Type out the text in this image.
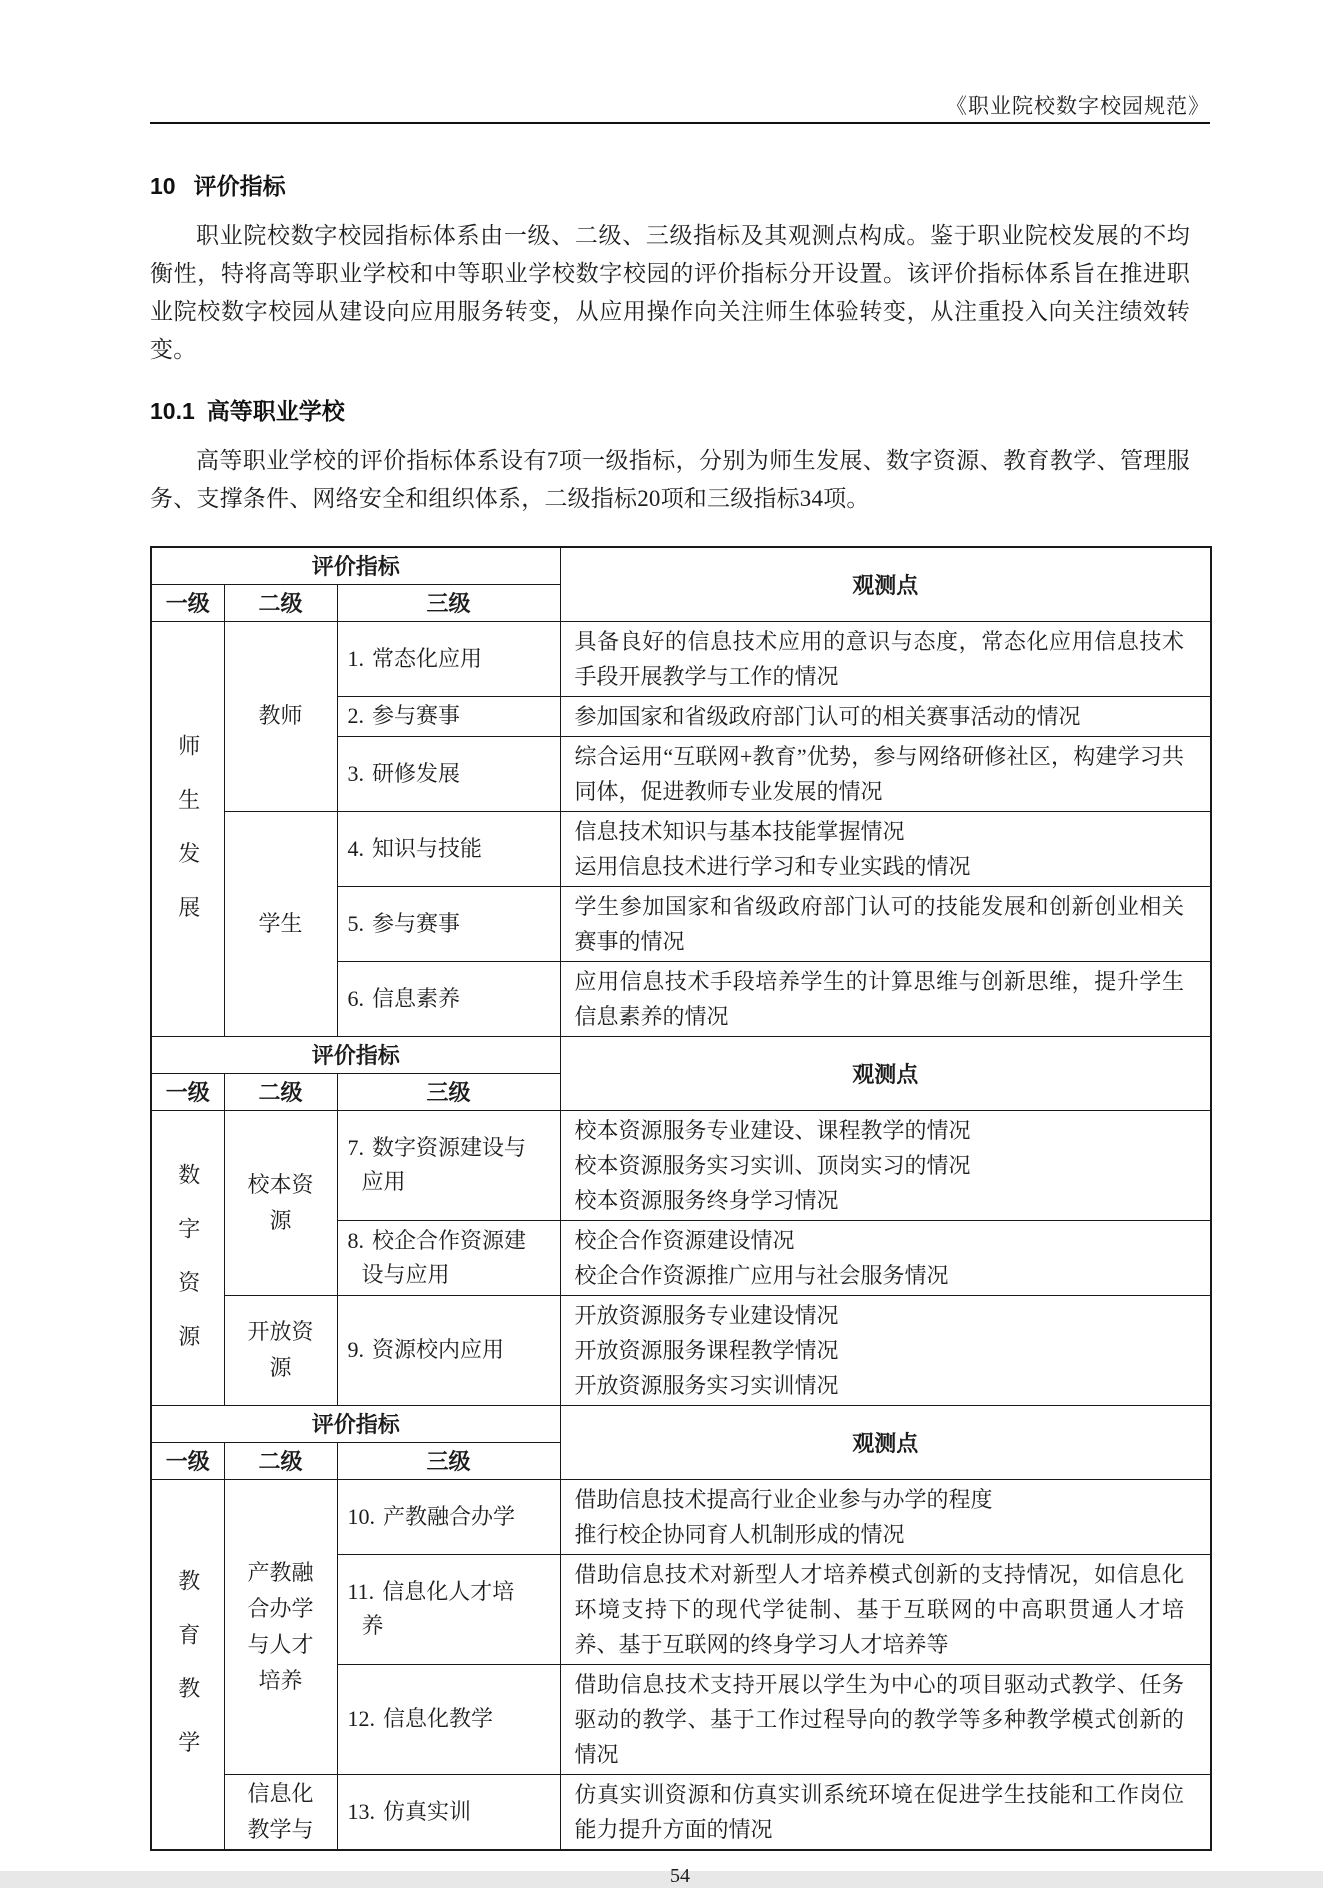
《职业院校数字校园规范》
10 评价指标

职业院校数字校园指标体系由一级、二级、三级指标及其观测点构成。鉴于职业院校发展的不均衡性，特将高等职业学校和中等职业学校数字校园的评价指标分开设置。该评价指标体系旨在推进职业院校数字校园从建设向应用服务转变，从应用操作向关注师生体验转变，从注重投入向关注绩效转变。

10.1 高等职业学校

高等职业学校的评价指标体系设有7项一级指标，分别为师生发展、数字资源、教育教学、管理服务、支撑条件、网络安全和组织体系，二级指标20项和三级指标34项。

评价指标			观测点
一级	二级	三级	
师生发展	教师	1. 常态化应用	具备良好的信息技术应用的意识与态度，常态化应用信息技术手段开展教学与工作的情况

		2. 参与赛事	参加国家和省级政府部门认可的相关赛事活动的情况

		3. 研修发展	综合运用“互联网+教育”优势，参与网络研修社区，构建学习共同体，促进教师专业发展的情况

	学生	4. 知识与技能	信息技术知识与基本技能掌握情况
运用信息技术进行学习和专业实践的情况

		5. 参与赛事	学生参加国家和省级政府部门认可的技能发展和创新创业相关赛事的情况

		6. 信息素养	应用信息技术手段培养学生的计算思维与创新思维，提升学生信息素养的情况

评价指标			观测点
一级	二级	三级	
数字资源	校本资源	7. 数字资源建设与应用	校本资源服务专业建设、课程教学的情况
校本资源服务实习实训、顶岗实习的情况
校本资源服务终身学习情况

		8. 校企合作资源建设与应用	校企合作资源建设情况
校企合作资源推广应用与社会服务情况

	开放资源	9. 资源校内应用	开放资源服务专业建设情况
开放资源服务课程教学情况
开放资源服务实习实训情况

评价指标			观测点
一级	二级	三级	
教育教学	产教融合办学与人才培养	10. 产教融合办学	借助信息技术提高行业企业参与办学的程度
推行校企协同育人机制形成的情况

		11. 信息化人才培养	借助信息技术对新型人才培养模式创新的支持情况，如信息化环境支持下的现代学徒制、基于互联网的中高职贯通人才培养、基于互联网的终身学习人才培养等

		12. 信息化教学	借助信息技术支持开展以学生为中心的项目驱动式教学、任务驱动的教学、基于工作过程导向的教学等多种教学模式创新的情况

	信息化教学与	13. 仿真实训	仿真实训资源和仿真实训系统环境在促进学生技能和工作岗位能力提升方面的情况
54
